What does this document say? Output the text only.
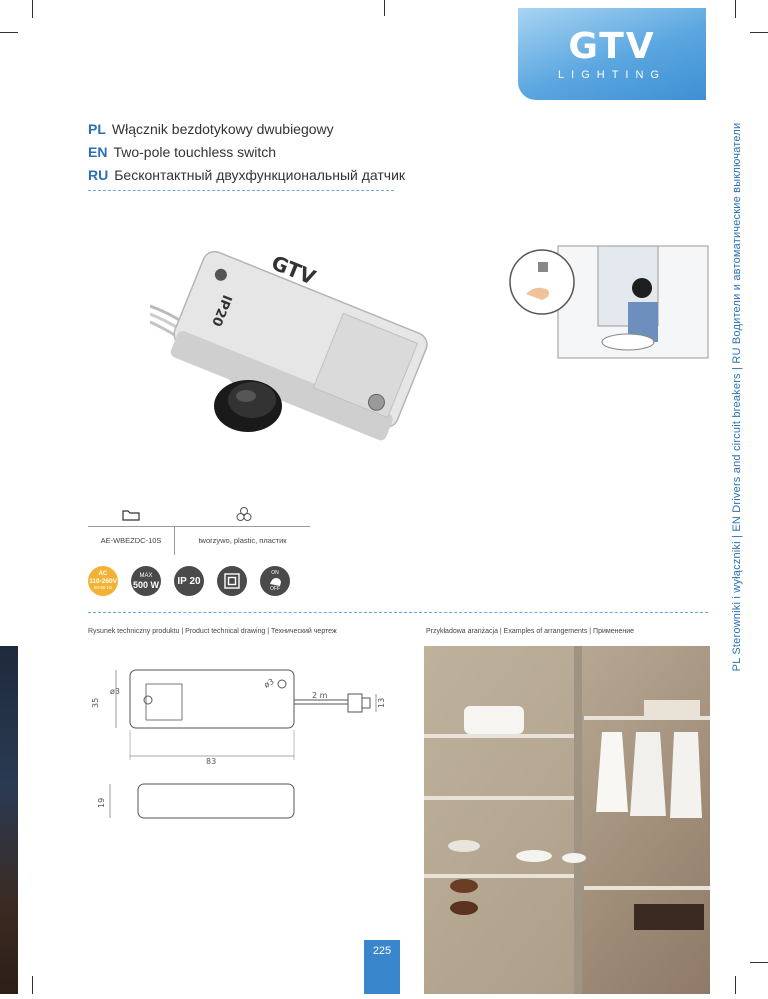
GTV
LIGHTING
PL Sterowniki i wyłączniki | EN Drivers and circuit breakers | RU Водители и автоматические выключатели
PL Włącznik bezdotykowy dwubiegowy
EN Two-pole touchless switch
RU Бесконтактный двухфункциональный датчик
GTV
IP20
AE-WBEZDC-10S	tworzywo, plastic, пластик
AC
110-260V
50-60 Hz
MAX
500 W IP 20
ON
OFF
Rysunek techniczny produktu | Product technical drawing | Технический чертеж	Przykładowa aranżacja | Examples of arrangements | Применение
35
ø3
ø3
2 m
13
83
19
225
